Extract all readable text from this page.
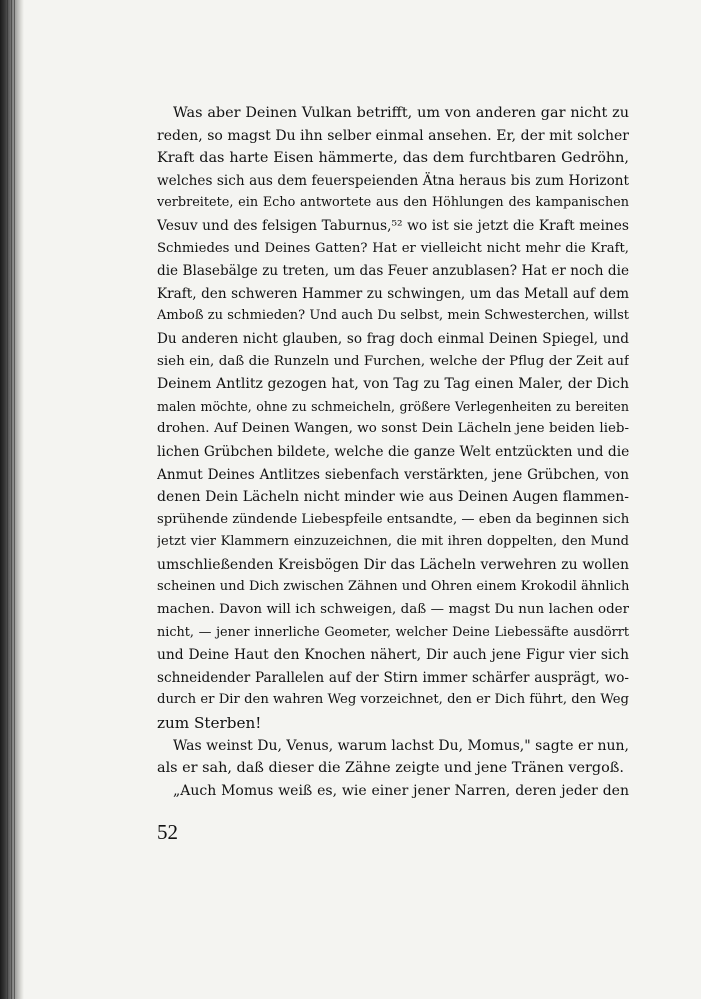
Was aber Deinen Vulkan betrifft, um von anderen gar nicht zu
reden, so magst Du ihn selber einmal ansehen. Er, der mit solcher
Kraft das harte Eisen hämmerte, das dem furchtbaren Gedröhn,
welches sich aus dem feuerspeienden Ätna heraus bis zum Horizont
verbreitete, ein Echo antwortete aus den Höhlungen des kampanischen
Vesuv und des felsigen Taburnus,⁵² wo ist sie jetzt die Kraft meines
Schmiedes und Deines Gatten? Hat er vielleicht nicht mehr die Kraft,
die Blasebälge zu treten, um das Feuer anzublasen? Hat er noch die
Kraft, den schweren Hammer zu schwingen, um das Metall auf dem
Amboß zu schmieden? Und auch Du selbst, mein Schwesterchen, willst
Du anderen nicht glauben, so frag doch einmal Deinen Spiegel, und
sieh ein, daß die Runzeln und Furchen, welche der Pflug der Zeit auf
Deinem Antlitz gezogen hat, von Tag zu Tag einen Maler, der Dich
malen möchte, ohne zu schmeicheln, größere Verlegenheiten zu bereiten
drohen. Auf Deinen Wangen, wo sonst Dein Lächeln jene beiden lieb-
lichen Grübchen bildete, welche die ganze Welt entzückten und die
Anmut Deines Antlitzes siebenfach verstärkten, jene Grübchen, von
denen Dein Lächeln nicht minder wie aus Deinen Augen flammen-
sprühende zündende Liebespfeile entsandte, — eben da beginnen sich
jetzt vier Klammern einzuzeichnen, die mit ihren doppelten, den Mund
umschließenden Kreisbögen Dir das Lächeln verwehren zu wollen
scheinen und Dich zwischen Zähnen und Ohren einem Krokodil ähnlich
machen. Davon will ich schweigen, daß — magst Du nun lachen oder
nicht, — jener innerliche Geometer, welcher Deine Liebessäfte ausdörrt
und Deine Haut den Knochen nähert, Dir auch jene Figur vier sich
schneidender Parallelen auf der Stirn immer schärfer ausprägt, wo-
durch er Dir den wahren Weg vorzeichnet, den er Dich führt, den Weg
zum Sterben!
Was weinst Du, Venus, warum lachst Du, Momus," sagte er nun,
als er sah, daß dieser die Zähne zeigte und jene Tränen vergoß.
„Auch Momus weiß es, wie einer jener Narren, deren jeder den
52
